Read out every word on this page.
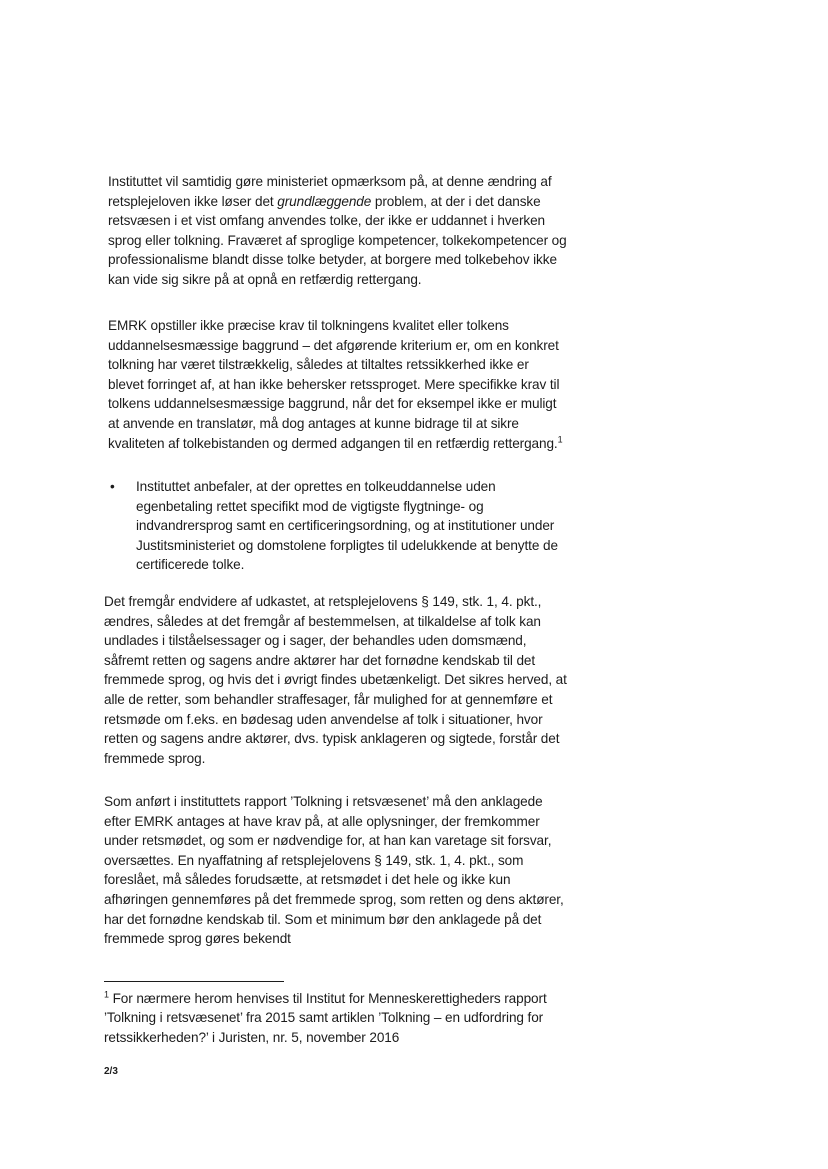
Instituttet vil samtidig gøre ministeriet opmærksom på, at denne ændring af retsplejeloven ikke løser det grundlæggende problem, at der i det danske retsvæsen i et vist omfang anvendes tolke, der ikke er uddannet i hverken sprog eller tolkning. Fraværet af sproglige kompetencer, tolkekompetencer og professionalisme blandt disse tolke betyder, at borgere med tolkebehov ikke kan vide sig sikre på at opnå en retfærdig rettergang.

EMRK opstiller ikke præcise krav til tolkningens kvalitet eller tolkens uddannelsesmæssige baggrund – det afgørende kriterium er, om en konkret tolkning har været tilstrækkelig, således at tiltaltes retssikkerhed ikke er blevet forringet af, at han ikke behersker retssproget. Mere specifikke krav til tolkens uddannelsesmæssige baggrund, når det for eksempel ikke er muligt at anvende en translatør, må dog antages at kunne bidrage til at sikre kvaliteten af tolkebistanden og dermed adgangen til en retfærdig rettergang.$^1$

• Instituttet anbefaler, at der oprettes en tolkeuddannelse uden egenbetaling rettet specifikt mod de vigtigste flygtninge- og indvandrersprog samt en certificeringsordning, og at institutioner under Justitsministeriet og domstolene forpligtes til udelukkende at benytte de certificerede tolke.

Det fremgår endvidere af udkastet, at retsplejelovens § 149, stk. 1, 4. pkt., ændres, således at det fremgår af bestemmelsen, at tilkaldelse af tolk kan undlades i tilståelsessager og i sager, der behandles uden domsmænd, såfremt retten og sagens andre aktører har det fornødne kendskab til det fremmede sprog, og hvis det i øvrigt findes ubetænkeligt. Det sikres herved, at alle de retter, som behandler straffesager, får mulighed for at gennemføre et retsmøde om f.eks. en bødesag uden anvendelse af tolk i situationer, hvor retten og sagens andre aktører, dvs. typisk anklageren og sigtede, forstår det fremmede sprog.

Som anført i instituttets rapport ’Tolkning i retsvæsenet’ må den anklagede efter EMRK antages at have krav på, at alle oplysninger, der fremkommer under retsmødet, og som er nødvendige for, at han kan varetage sit forsvar, oversættes. En nyaffatning af retsplejelovens § 149, stk. 1, 4. pkt., som foreslået, må således forudsætte, at retsmødet i det hele og ikke kun afhøringen gennemføres på det fremmede sprog, som retten og dens aktører, har det fornødne kendskab til. Som et minimum bør den anklagede på det fremmede sprog gøres bekendt

$^1$ For nærmere herom henvises til Institut for Menneskerettigheders rapport ’Tolkning i retsvæsenet’ fra 2015 samt artiklen ’Tolkning – en udfordring for retssikkerheden?’ i Juristen, nr. 5, november 2016

2/3
